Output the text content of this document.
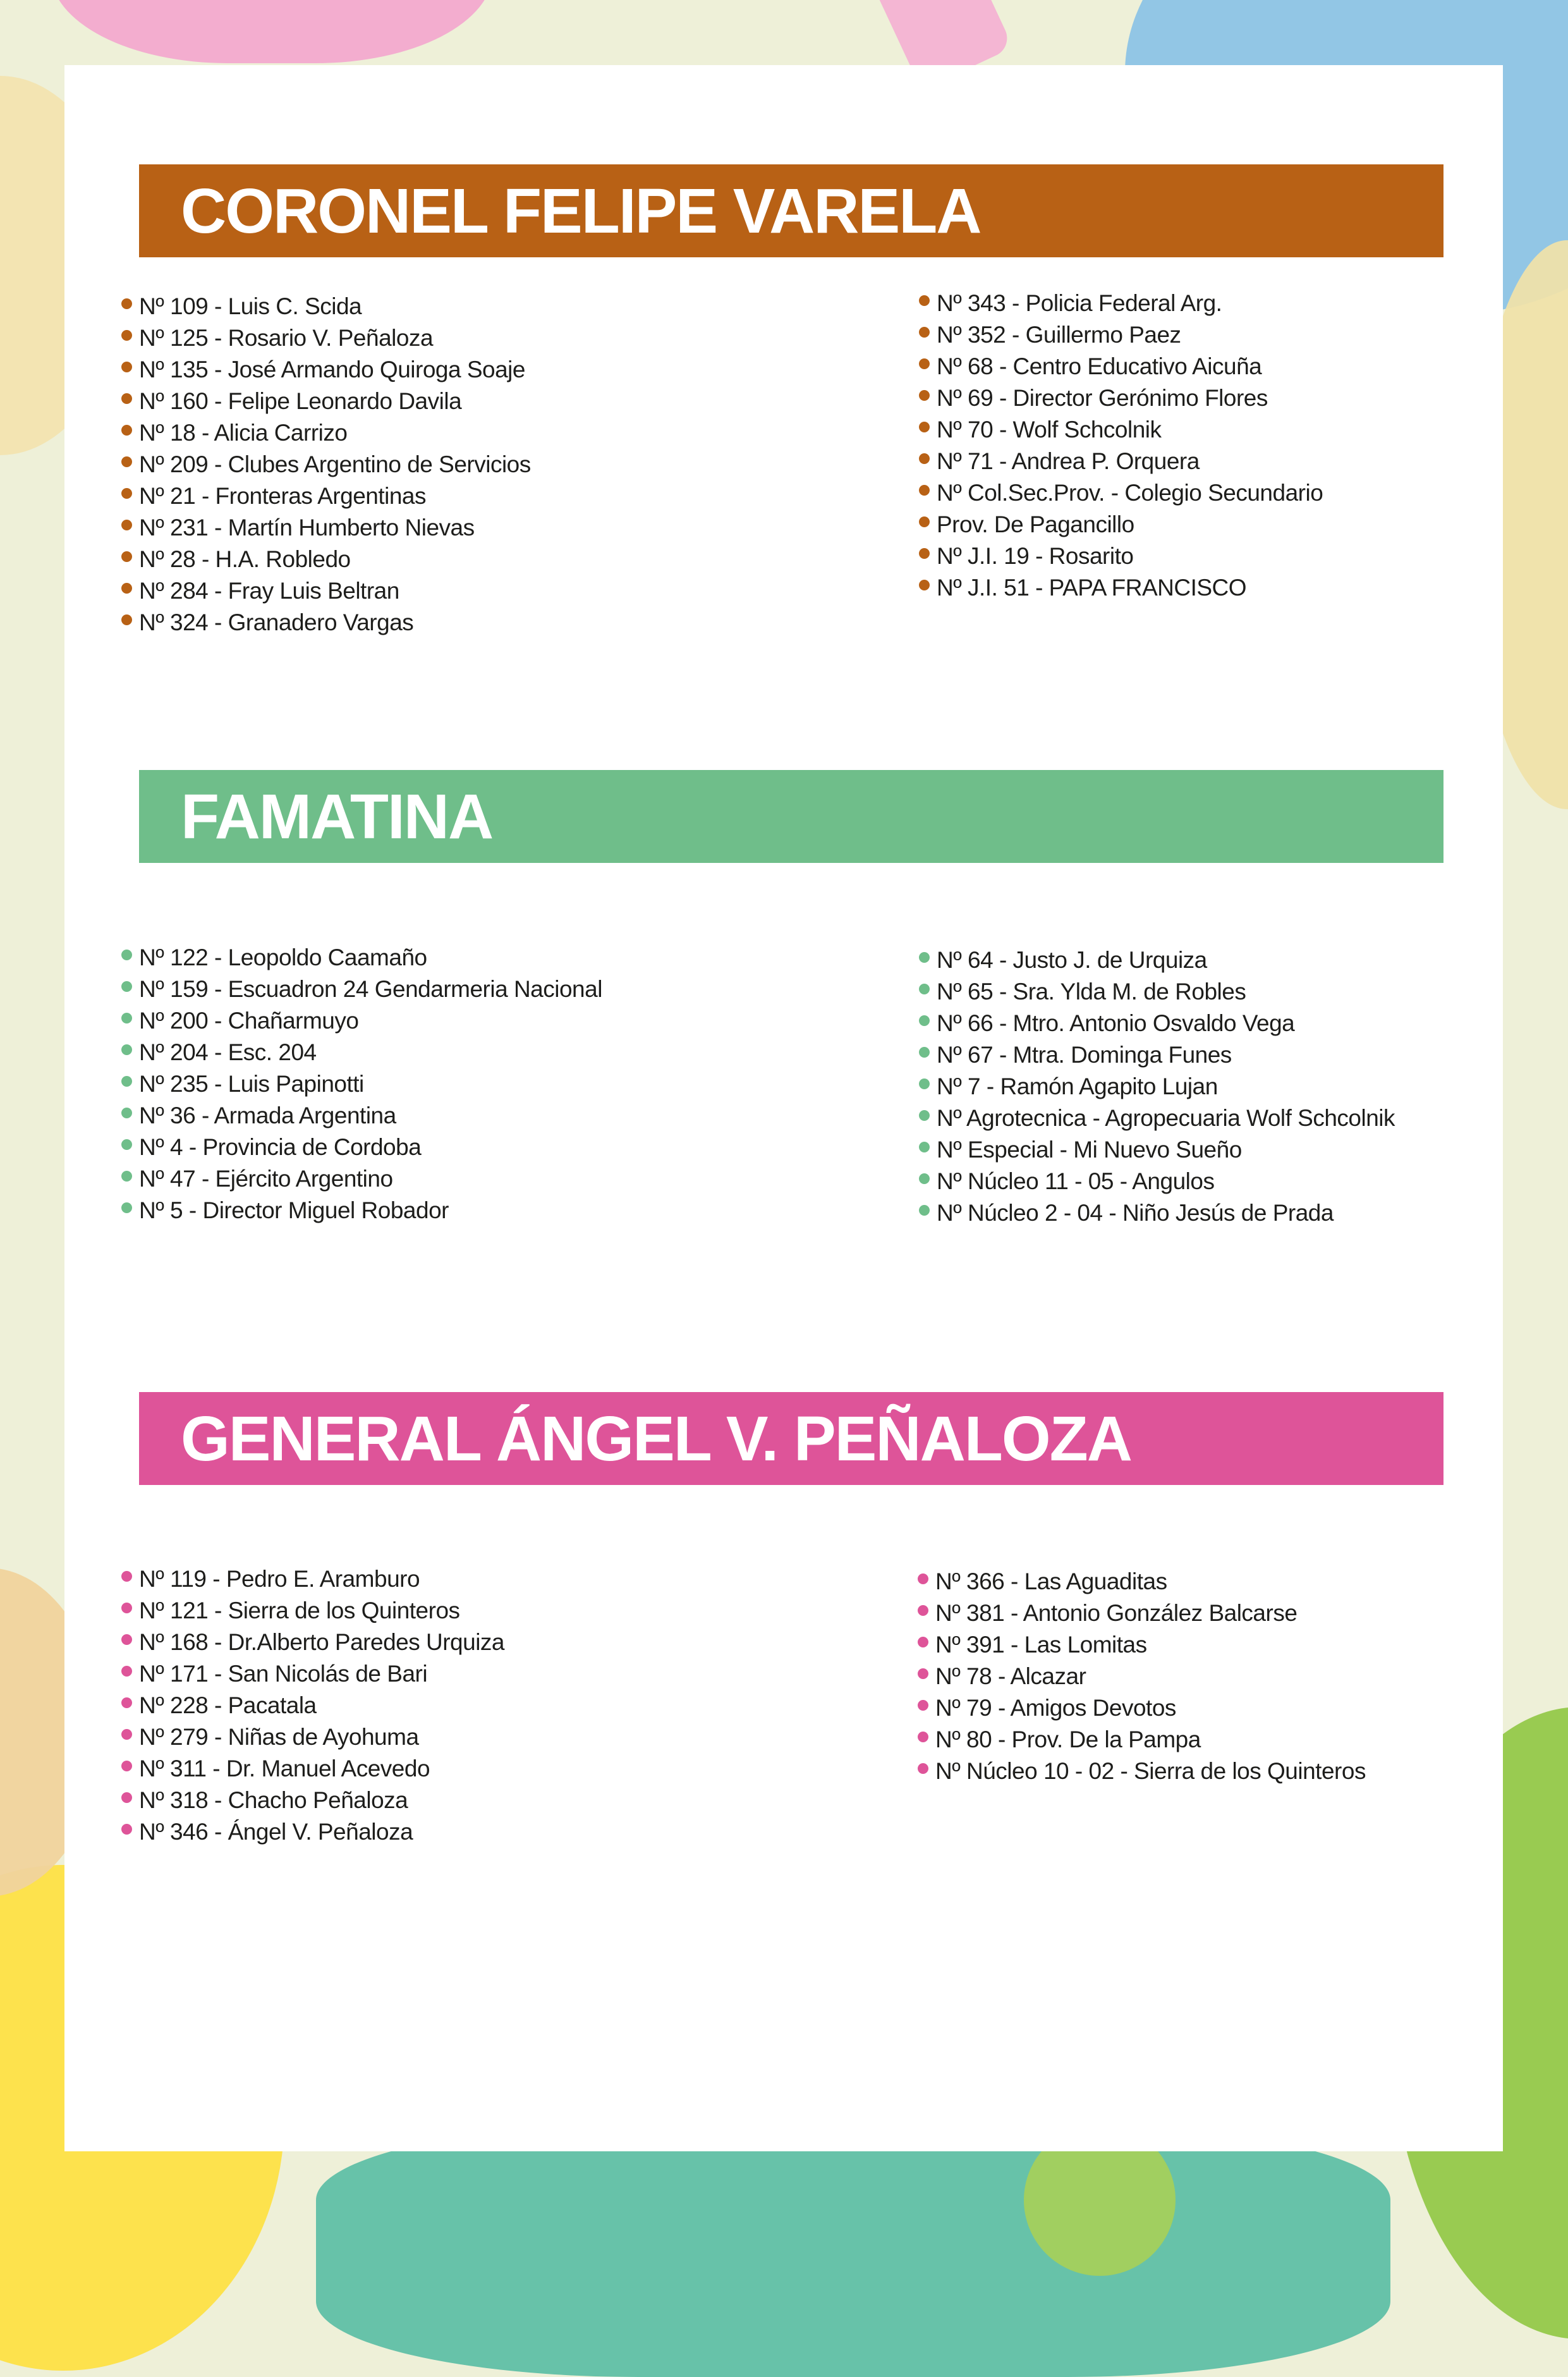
CORONEL FELIPE VARELA
Nº 109 - Luis C. Scida
Nº 125 - Rosario V. Peñaloza
Nº 135 - José Armando Quiroga Soaje
Nº 160 - Felipe Leonardo Davila
Nº 18 - Alicia Carrizo
Nº 209 - Clubes Argentino de Servicios
Nº 21 - Fronteras Argentinas
Nº 231 - Martín Humberto Nievas
Nº 28 - H.A. Robledo
Nº 284 - Fray Luis Beltran
Nº 324 - Granadero Vargas
Nº 343 - Policia Federal Arg.
Nº 352 - Guillermo Paez
Nº 68 - Centro Educativo Aicuña
Nº 69 - Director Gerónimo Flores
Nº 70 - Wolf Schcolnik
Nº 71 - Andrea P. Orquera
Nº Col.Sec.Prov. - Colegio Secundario
Prov. De Pagancillo
Nº J.I. 19 - Rosarito
Nº J.I. 51 - PAPA FRANCISCO
FAMATINA
Nº 122 - Leopoldo Caamaño
Nº 159 - Escuadron 24 Gendarmeria Nacional
Nº 200 - Chañarmuyo
Nº 204 - Esc. 204
Nº 235 - Luis Papinotti
Nº 36 - Armada Argentina
Nº 4 - Provincia de Cordoba
Nº 47 - Ejército Argentino
Nº 5 - Director Miguel Robador
Nº 64 - Justo J. de Urquiza
Nº 65 - Sra. Ylda M. de Robles
Nº 66 - Mtro. Antonio Osvaldo Vega
Nº 67 - Mtra. Dominga Funes
Nº 7 - Ramón Agapito Lujan
Nº Agrotecnica - Agropecuaria Wolf Schcolnik
Nº Especial - Mi Nuevo Sueño
Nº Núcleo 11 - 05 - Angulos
Nº Núcleo 2 - 04 - Niño Jesús de Prada
GENERAL ÁNGEL V. PEÑALOZA
Nº 119 - Pedro E. Aramburo
Nº 121 - Sierra de los Quinteros
Nº 168 - Dr.Alberto Paredes Urquiza
Nº 171 - San Nicolás de Bari
Nº 228 - Pacatala
Nº 279 - Niñas de Ayohuma
Nº 311 - Dr. Manuel Acevedo
Nº 318 - Chacho Peñaloza
Nº 346 - Ángel V. Peñaloza
Nº 366 - Las Aguaditas
Nº 381 - Antonio González Balcarse
Nº 391 - Las Lomitas
Nº 78 - Alcazar
Nº 79 - Amigos Devotos
Nº 80 - Prov. De la Pampa
Nº Núcleo 10 - 02 - Sierra de los Quinteros
